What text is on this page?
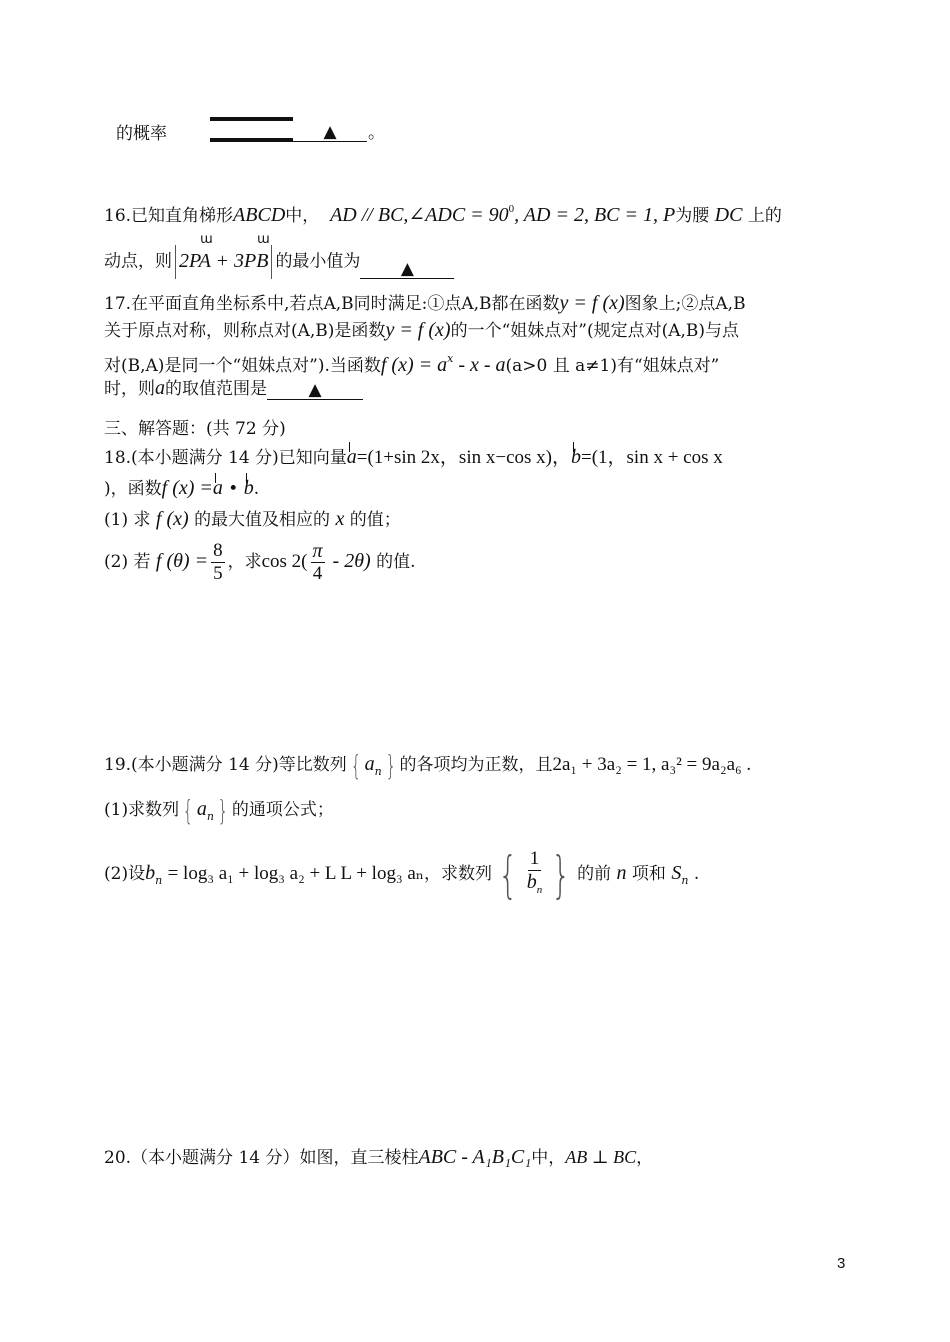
的概率	▲	。
16.已知直角梯形ABCD中， AD // BC,∠ADC = $90^0$, AD = 2, BC = 1, P为腰 DC 上的
动点，则 2PA + 3PB 的最小值为 ▲
ɯ	ɯ
17.在平面直角坐标系中,若点A,B同时满足:①点A,B都在函数y = f (x)图象上;②点A,B
关于原点对称，则称点对(A,B)是函数y = f (x)的一个“姐妹点对”(规定点对(A,B)与点
对(B,A)是同一个“姐妹点对”).当函数f $(x) = a^x - x - a(a>0$ 且 a≠1)有“姐妹点对”
时，则a的取值范围是 ▲
三、解答题：(共 72 分)
18.(本小题满分 14 分)已知向量a=(1+sin 2x，sin x−cos x)，b=(1，sin x + cos x
)，函数f (x) =a • b.
(1) 求 f (x) 的最大值及相应的 x 的值；
(2) 若 f $(\theta) = \frac{8}{5}$ ，求$\cos 2( \frac{\pi}{4} - 2\theta)$ 的值.
19.(本小题满分 14 分)等比数列 { $a_n$ } 的各项均为正数，且2a₁ + 3a₂ = 1, a₃² = 9a₂a₆ .
(1)求数列 { $a_n$ } 的通项公式；
(2)设$b_n = \log_3$ a₁ + log₃ a₂ + L L + log₃ aₙ，求数列 { $\frac{1}{b_n}$ } 的前 n 项和 $S_n$ .
20.（本小题满分 14 分）如图，直三棱柱ABC - A₁B₁C₁中，AB ⊥ BC，
3
